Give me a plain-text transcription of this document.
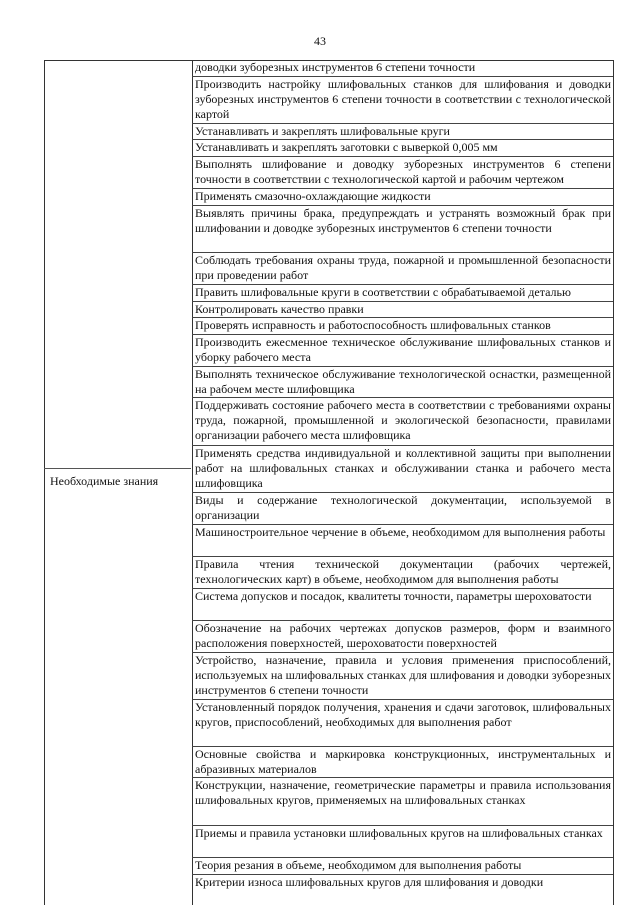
43
Необходимые знания
доводки зуборезных инструментов 6 степени точности
Производить настройку шлифовальных станков для шлифования и доводки зуборезных инструментов 6 степени точности в соответствии с технологической картой
Устанавливать и закреплять шлифовальные круги
Устанавливать и закреплять заготовки с выверкой 0,005 мм
Выполнять шлифование и доводку зуборезных инструментов 6 степени точности в соответствии с технологической картой и рабочим чертежом
Применять смазочно-охлаждающие жидкости
Выявлять причины брака, предупреждать и устранять возможный брак при шлифовании и доводке зуборезных инструментов 6 степени точности
Соблюдать требования охраны труда, пожарной и промышленной безопасности при проведении работ
Править шлифовальные круги в соответствии с обрабатываемой деталью
Контролировать качество правки
Проверять исправность и работоспособность шлифовальных станков
Производить ежесменное техническое обслуживание шлифовальных станков и уборку рабочего места
Выполнять техническое обслуживание технологической оснастки, размещенной на рабочем месте шлифовщика
Поддерживать состояние рабочего места в соответствии с требованиями охраны труда, пожарной, промышленной и экологической безопасности, правилами организации рабочего места шлифовщика
Применять средства индивидуальной и коллективной защиты при выполнении работ на шлифовальных станках и обслуживании станка и рабочего места шлифовщика
Виды и содержание технологической документации, используемой в организации
Машиностроительное черчение в объеме, необходимом для выполнения работы
Правила чтения технической документации (рабочих чертежей, технологических карт) в объеме, необходимом для выполнения работы
Система допусков и посадок, квалитеты точности, параметры шероховатости
Обозначение на рабочих чертежах допусков размеров, форм и взаимного расположения поверхностей, шероховатости поверхностей
Устройство, назначение, правила и условия применения приспособлений, используемых на шлифовальных станках для шлифования и доводки зуборезных инструментов 6 степени точности
Установленный порядок получения, хранения и сдачи заготовок, шлифовальных кругов, приспособлений, необходимых для выполнения работ
Основные свойства и маркировка конструкционных, инструментальных и абразивных материалов
Конструкции, назначение, геометрические параметры и правила использования шлифовальных кругов, применяемых на шлифовальных станках
Приемы и правила установки шлифовальных кругов на шлифовальных станках
Теория резания в объеме, необходимом для выполнения работы
Критерии износа шлифовальных кругов для шлифования и доводки
